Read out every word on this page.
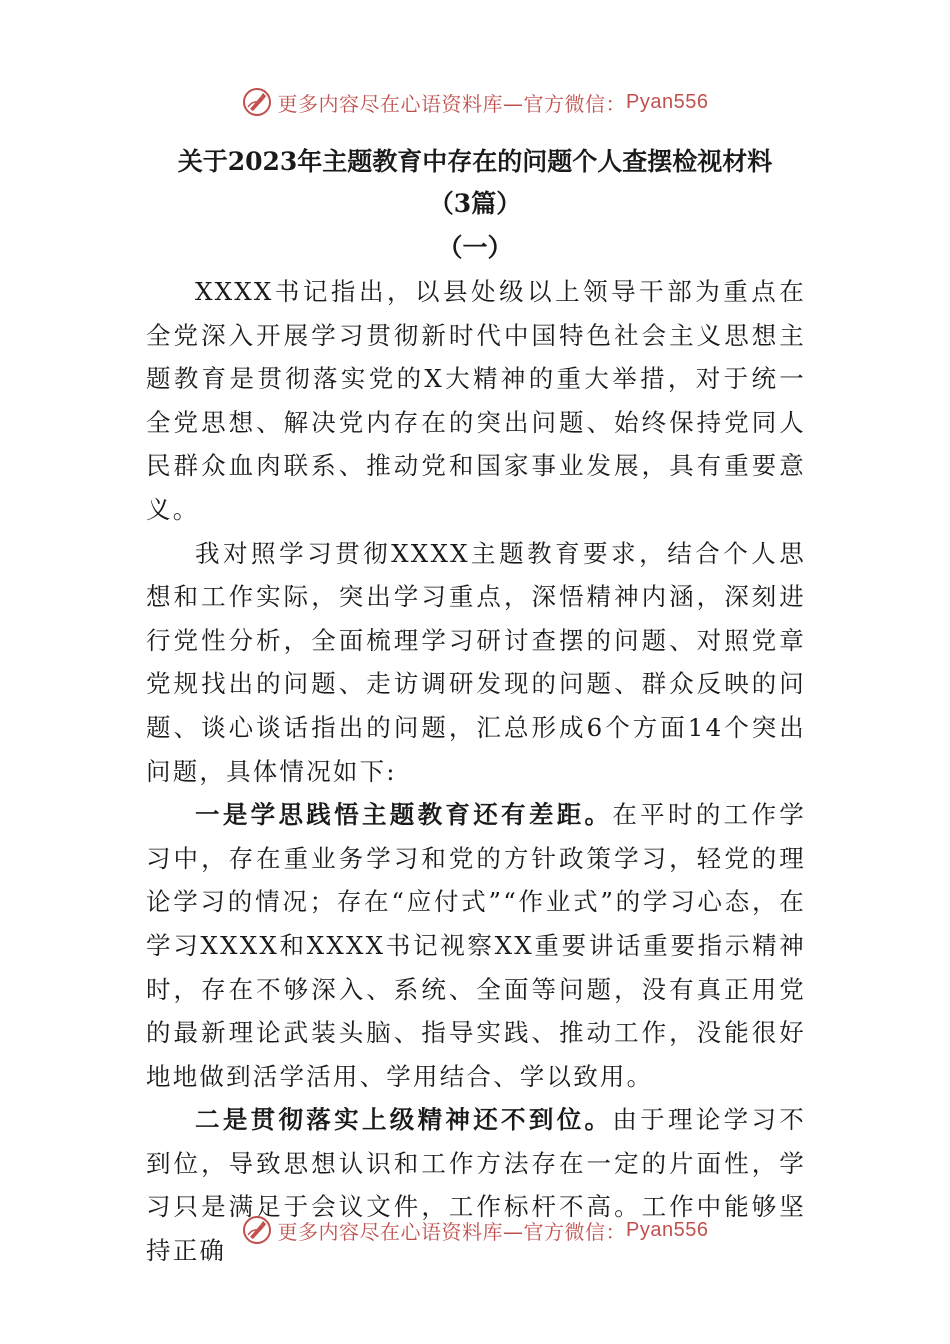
更多内容尽在心语资料库—官方微信： Pyan556
关于2023年主题教育中存在的问题个人查摆检视材料
（3篇）
（一）

XXXX书记指出，以县处级以上领导干部为重点在全党深入开展学习贯彻新时代中国特色社会主义思想主题教育是贯彻落实党的X大精神的重大举措，对于统一全党思想、解决党内存在的突出问题、始终保持党同人民群众血肉联系、推动党和国家事业发展，具有重要意义。

我对照学习贯彻XXXX主题教育要求，结合个人思想和工作实际，突出学习重点，深悟精神内涵，深刻进行党性分析，全面梳理学习研讨查摆的问题、对照党章党规找出的问题、走访调研发现的问题、群众反映的问题、谈心谈话指出的问题，汇总形成6个方面14个突出问题，具体情况如下:

一是学思践悟主题教育还有差距。在平时的工作学习中，存在重业务学习和党的方针政策学习，轻党的理论学习的情况；存在“应付式”“作业式”的学习心态，在学习XXXX和XXXX书记视察XX重要讲话重要指示精神时，存在不够深入、系统、全面等问题，没有真正用党的最新理论武装头脑、指导实践、推动工作，没能很好地地做到活学活用、学用结合、学以致用。

二是贯彻落实上级精神还不到位。由于理论学习不到位，导致思想认识和工作方法存在一定的片面性，学习只是满足于会议文件，工作标杆不高。工作中能够坚持正确

更多内容尽在心语资料库—官方微信： Pyan556
